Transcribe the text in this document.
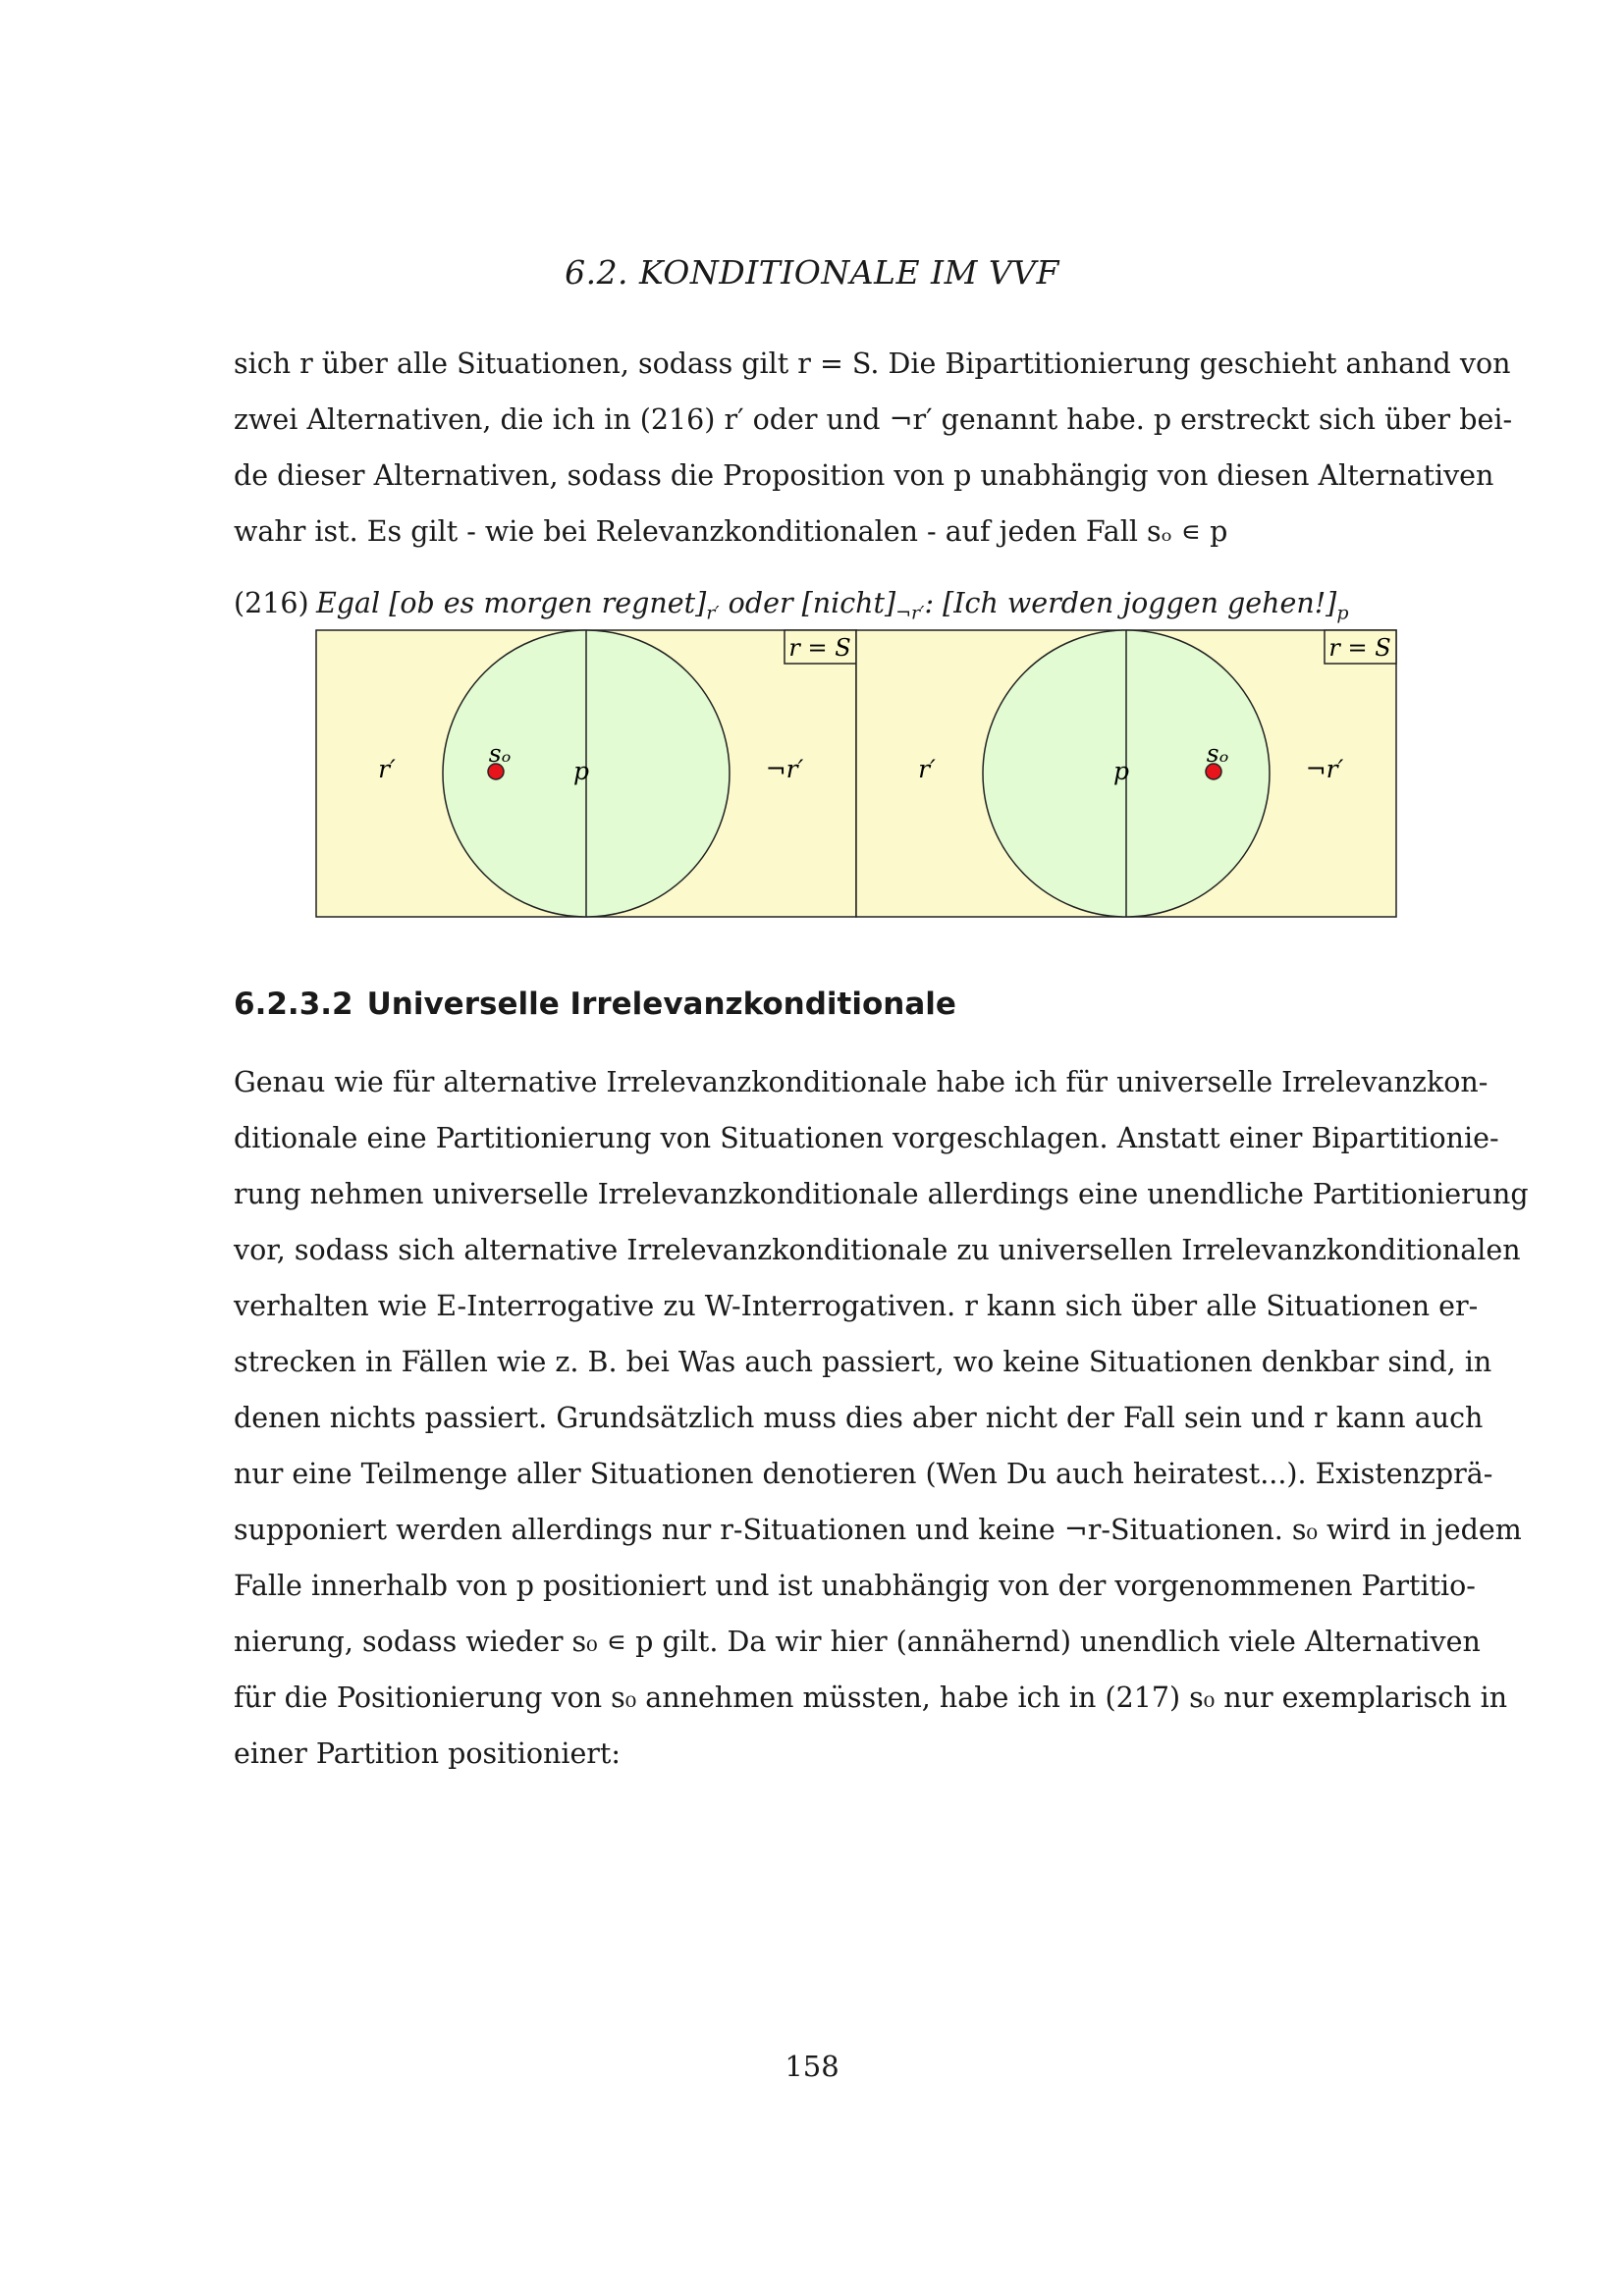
6.2. KONDITIONALE IM VVF
sich r über alle Situationen, sodass gilt r = S. Die Bipartitionierung geschieht anhand von
zwei Alternativen, die ich in (216) r′ oder und ¬r′ genannt habe. p erstreckt sich über bei-
de dieser Alternativen, sodass die Proposition von p unabhängig von diesen Alternativen
wahr ist. Es gilt - wie bei Relevanzkonditionalen - auf jeden Fall sₒ ∊ p
(216) Egal [ob es morgen $regnet]_{r'}$ oder $[nicht]_{\neg r'}$: [Ich werden joggen $gehen!]_p$
r = S
r′	¬r′
p
sₒ
r = S
r′	¬r′
p
sₒ
6.2.3.2 Universelle Irrelevanzkonditionale
Genau wie für alternative Irrelevanzkonditionale habe ich für universelle Irrelevanzkon-
ditionale eine Partitionierung von Situationen vorgeschlagen. Anstatt einer Bipartitionie-
rung nehmen universelle Irrelevanzkonditionale allerdings eine unendliche Partitionierung
vor, sodass sich alternative Irrelevanzkonditionale zu universellen Irrelevanzkonditionalen
verhalten wie E-Interrogative zu W-Interrogativen. r kann sich über alle Situationen er-
strecken in Fällen wie z. B. bei Was auch passiert, wo keine Situationen denkbar sind, in
denen nichts passiert. Grundsätzlich muss dies aber nicht der Fall sein und r kann auch
nur eine Teilmenge aller Situationen denotieren (Wen Du auch heiratest...). Existenzprä-
supponiert werden allerdings nur r-Situationen und keine ¬r-Situationen. s₀ wird in jedem
Falle innerhalb von p positioniert und ist unabhängig von der vorgenommenen Partitio-
nierung, sodass wieder s₀ ∊ p gilt. Da wir hier (annähernd) unendlich viele Alternativen
für die Positionierung von s₀ annehmen müssten, habe ich in (217) s₀ nur exemplarisch in
einer Partition positioniert:
158
